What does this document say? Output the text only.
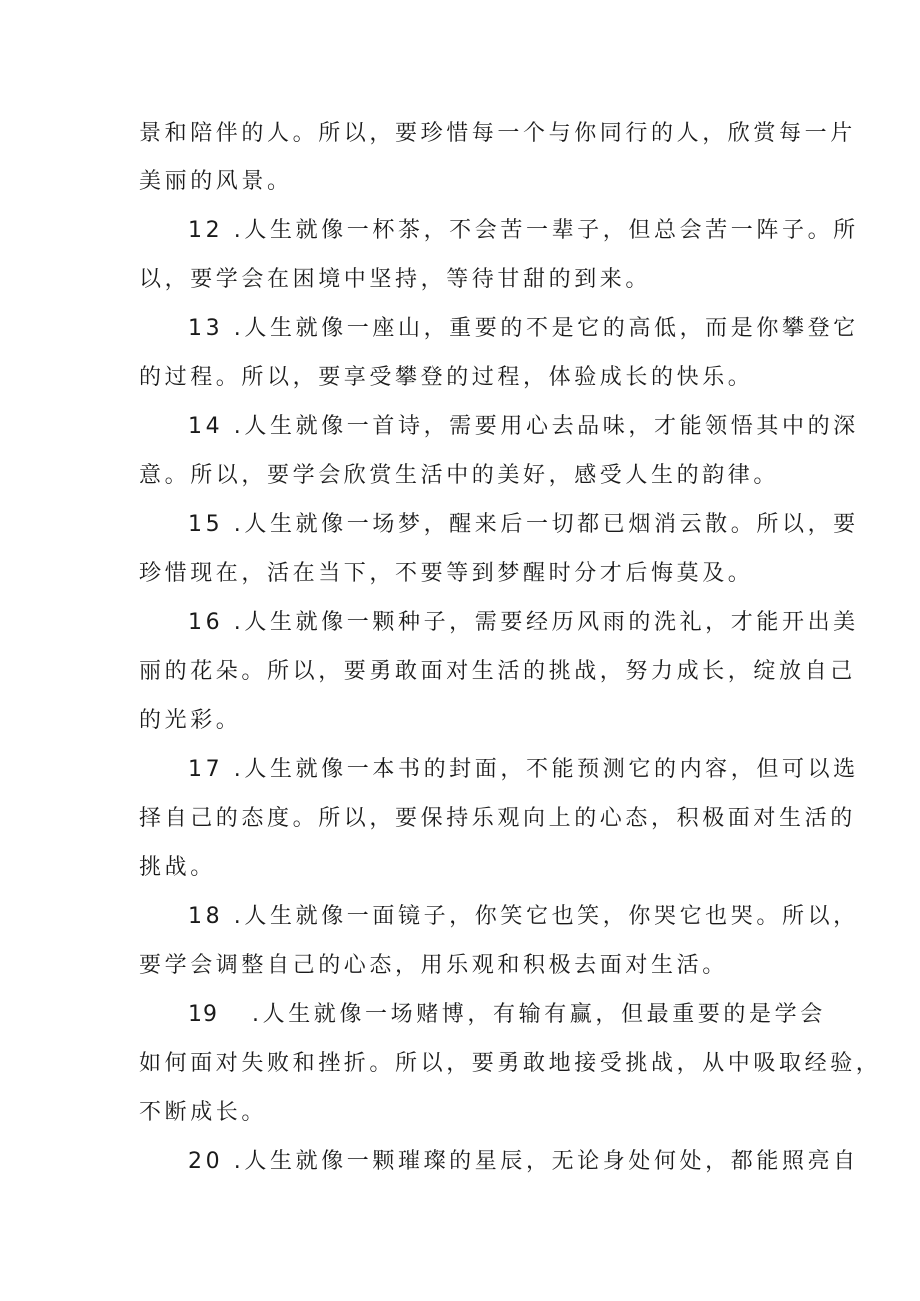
景和陪伴的人。所以，要珍惜每一个与你同行的人，欣赏每一片
美丽的风景。
12 .人生就像一杯茶，不会苦一辈子，但总会苦一阵子。所
以，要学会在困境中坚持，等待甘甜的到来。
13 .人生就像一座山，重要的不是它的高低，而是你攀登它
的过程。所以，要享受攀登的过程，体验成长的快乐。
14 .人生就像一首诗，需要用心去品味，才能领悟其中的深
意。所以，要学会欣赏生活中的美好，感受人生的韵律。
15 .人生就像一场梦，醒来后一切都已烟消云散。所以，要
珍惜现在，活在当下，不要等到梦醒时分才后悔莫及。
16 .人生就像一颗种子，需要经历风雨的洗礼，才能开出美
丽的花朵。所以，要勇敢面对生活的挑战，努力成长，绽放自己
的光彩。
17 .人生就像一本书的封面，不能预测它的内容，但可以选
择自己的态度。所以，要保持乐观向上的心态，积极面对生活的
挑战。
18 .人生就像一面镜子，你笑它也笑，你哭它也哭。所以，
要学会调整自己的心态，用乐观和积极去面对生活。
19 .人生就像一场赌博，有输有赢，但最重要的是学会
如何面对失败和挫折。所以，要勇敢地接受挑战，从中吸取经验，
不断成长。
20 .人生就像一颗璀璨的星辰，无论身处何处，都能照亮自
